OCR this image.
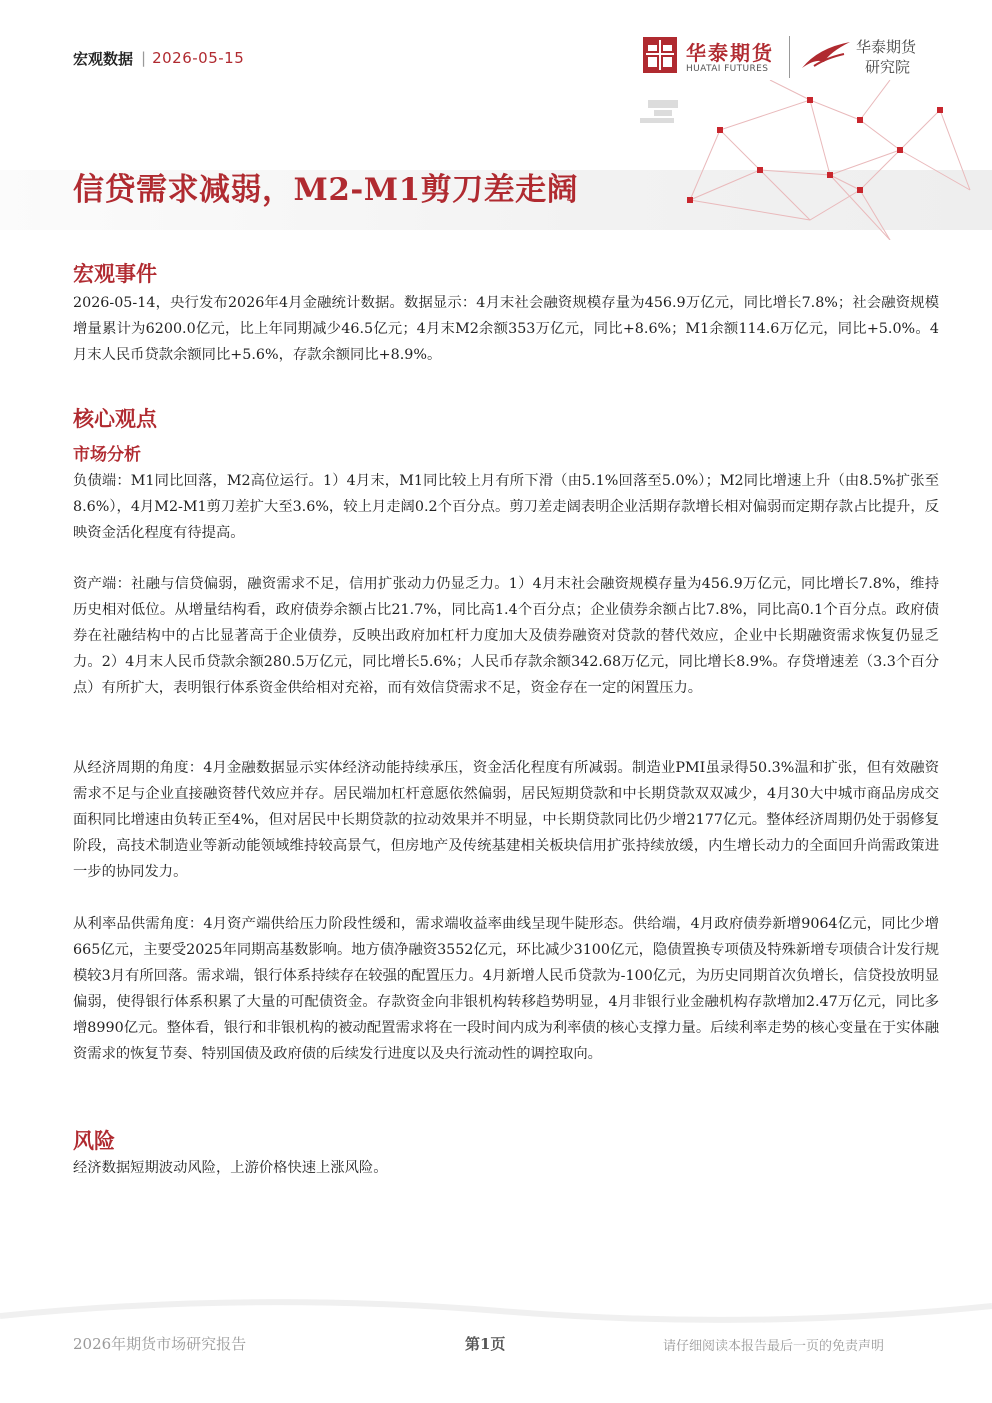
宏观数据 | 2026-05-15	华泰期货
HUATAI FUTURES
华泰期货
研究院
信贷需求减弱，M2-M1剪刀差走阔
宏观事件
2026-05-14，央行发布2026年4月金融统计数据。数据显示：4月末社会融资规模存量为456.9万亿元，同比增长7.8%；社会融资规模增量累计为6200.0亿元，比上年同期减少46.5亿元；4月末M2余额353万亿元，同比+8.6%；M1余额114.6万亿元，同比+5.0%。4月末人民币贷款余额同比+5.6%，存款余额同比+8.9%。
核心观点
市场分析
负债端：M1同比回落，M2高位运行。1）4月末，M1同比较上月有所下滑（由5.1%回落至5.0%）；M2同比增速上升（由8.5%扩张至8.6%），4月M2-M1剪刀差扩大至3.6%，较上月走阔0.2个百分点。剪刀差走阔表明企业活期存款增长相对偏弱而定期存款占比提升，反映资金活化程度有待提高。
资产端：社融与信贷偏弱，融资需求不足，信用扩张动力仍显乏力。1）4月末社会融资规模存量为456.9万亿元，同比增长7.8%，维持历史相对低位。从增量结构看，政府债券余额占比21.7%，同比高1.4个百分点；企业债券余额占比7.8%，同比高0.1个百分点。政府债券在社融结构中的占比显著高于企业债券，反映出政府加杠杆力度加大及债券融资对贷款的替代效应，企业中长期融资需求恢复仍显乏力。2）4月末人民币贷款余额280.5万亿元，同比增长5.6%；人民币存款余额342.68万亿元，同比增长8.9%。存贷增速差（3.3个百分点）有所扩大，表明银行体系资金供给相对充裕，而有效信贷需求不足，资金存在一定的闲置压力。
从经济周期的角度：4月金融数据显示实体经济动能持续承压，资金活化程度有所减弱。制造业PMI虽录得50.3%温和扩张，但有效融资需求不足与企业直接融资替代效应并存。居民端加杠杆意愿依然偏弱，居民短期贷款和中长期贷款双双减少，4月30大中城市商品房成交面积同比增速由负转正至4%，但对居民中长期贷款的拉动效果并不明显，中长期贷款同比仍少增2177亿元。整体经济周期仍处于弱修复阶段，高技术制造业等新动能领域维持较高景气，但房地产及传统基建相关板块信用扩张持续放缓，内生增长动力的全面回升尚需政策进一步的协同发力。
从利率品供需角度：4月资产端供给压力阶段性缓和，需求端收益率曲线呈现牛陡形态。供给端，4月政府债券新增9064亿元，同比少增665亿元，主要受2025年同期高基数影响。地方债净融资3552亿元，环比减少3100亿元，隐债置换专项债及特殊新增专项债合计发行规模较3月有所回落。需求端，银行体系持续存在较强的配置压力。4月新增人民币贷款为-100亿元，为历史同期首次负增长，信贷投放明显偏弱，使得银行体系积累了大量的可配债资金。存款资金向非银机构转移趋势明显，4月非银行业金融机构存款增加2.47万亿元，同比多增8990亿元。整体看，银行和非银机构的被动配置需求将在一段时间内成为利率债的核心支撑力量。后续利率走势的核心变量在于实体融资需求的恢复节奏、特别国债及政府债的后续发行进度以及央行流动性的调控取向。
风险
经济数据短期波动风险，上游价格快速上涨风险。
2026年期货市场研究报告	第1页	请仔细阅读本报告最后一页的免责声明
